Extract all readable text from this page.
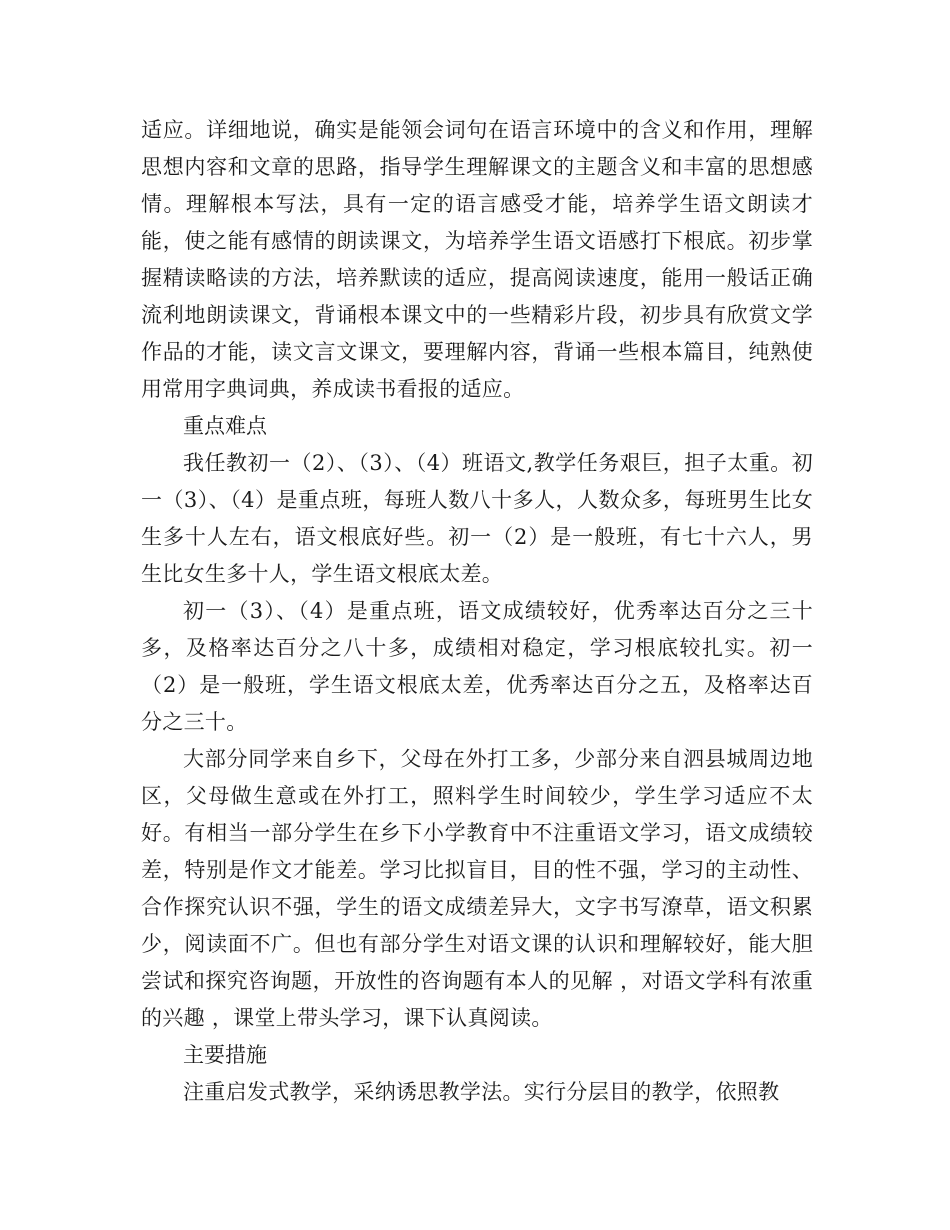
适应。详细地说，确实是能领会词句在语言环境中的含义和作用，理解思想内容和文章的思路，指导学生理解课文的主题含义和丰富的思想感情。理解根本写法，具有一定的语言感受才能，培养学生语文朗读才能，使之能有感情的朗读课文，为培养学生语文语感打下根底。初步掌握精读略读的方法，培养默读的适应，提高阅读速度，能用一般话正确流利地朗读课文，背诵根本课文中的一些精彩片段，初步具有欣赏文学作品的才能，读文言文课文，要理解内容，背诵一些根本篇目，纯熟使用常用字典词典，养成读书看报的适应。

重点难点

我任教初一（2）、（3）、（4）班语文,教学任务艰巨，担子太重。初一（3）、（4）是重点班，每班人数八十多人，人数众多，每班男生比女生多十人左右，语文根底好些。初一（2）是一般班，有七十六人，男生比女生多十人，学生语文根底太差。

初一（3）、（4）是重点班，语文成绩较好，优秀率达百分之三十多，及格率达百分之八十多，成绩相对稳定，学习根底较扎实。初一（2）是一般班，学生语文根底太差，优秀率达百分之五，及格率达百分之三十。

大部分同学来自乡下，父母在外打工多，少部分来自泗县城周边地区，父母做生意或在外打工，照料学生时间较少，学生学习适应不太好。有相当一部分学生在乡下小学教育中不注重语文学习，语文成绩较差，特别是作文才能差。学习比拟盲目，目的性不强，学习的主动性、合作探究认识不强，学生的语文成绩差异大，文字书写潦草，语文积累少，阅读面不广。但也有部分学生对语文课的认识和理解较好，能大胆尝试和探究咨询题，开放性的咨询题有本人的见解 ，对语文学科有浓重的兴趣 ，课堂上带头学习，课下认真阅读。

主要措施

注重启发式教学，采纳诱思教学法。实行分层目的教学，依照教
